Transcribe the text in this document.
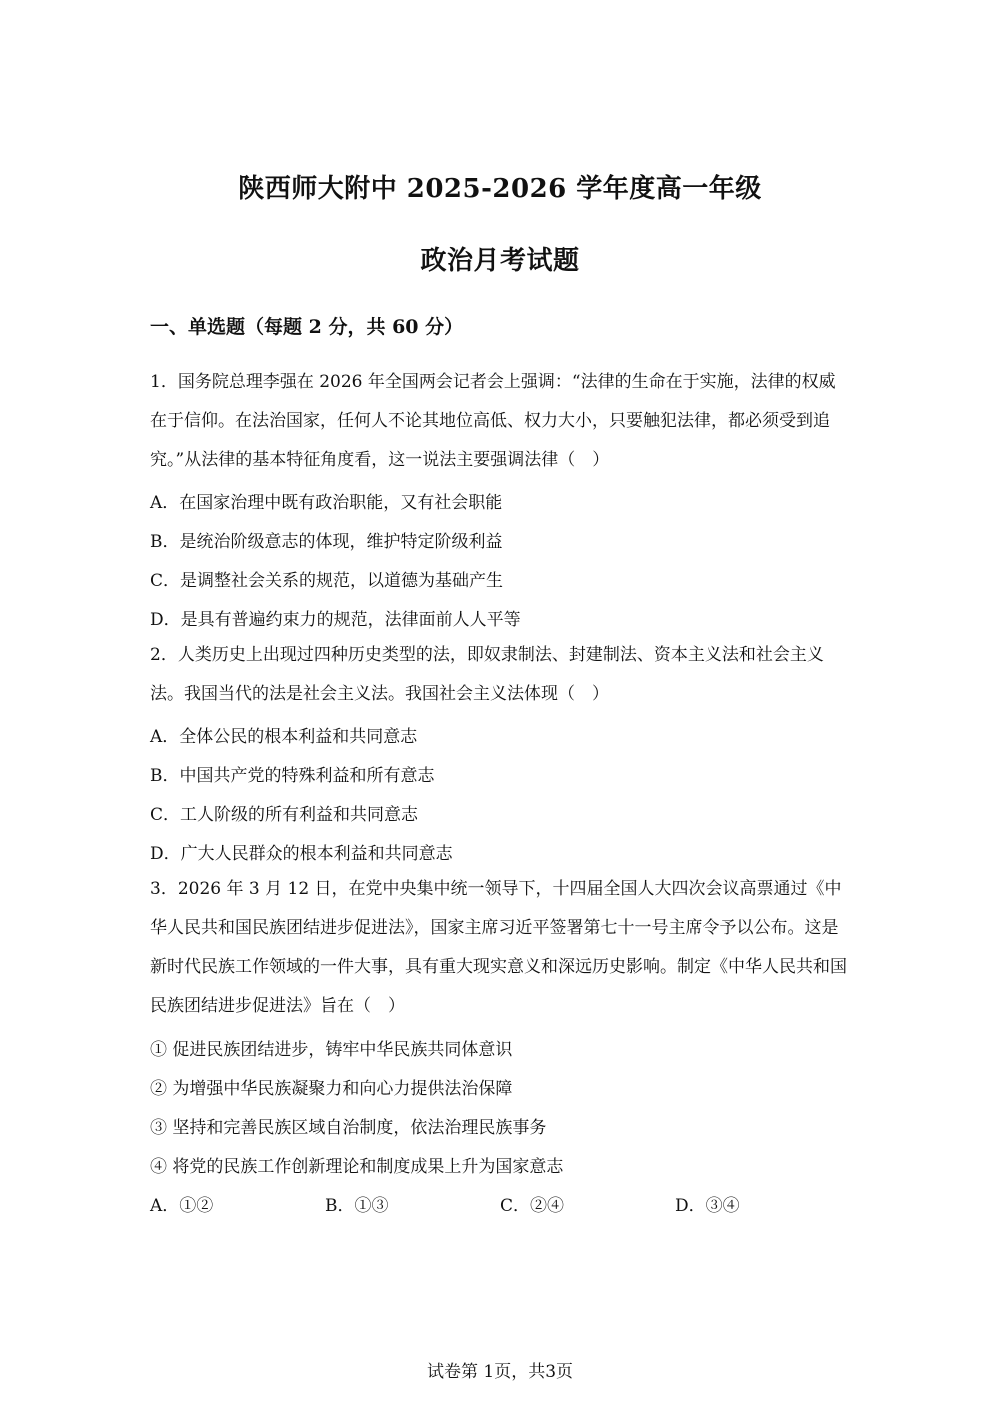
陕西师大附中 2025-2026 学年度高一年级
政治月考试题
一、单选题（每题 2 分，共 60 分）
1．国务院总理李强在 2026 年全国两会记者会上强调：“法律的生命在于实施，法律的权威在于信仰。在法治国家，任何人不论其地位高低、权力大小，只要触犯法律，都必须受到追究。”从法律的基本特征角度看，这一说法主要强调法律（　）
A．在国家治理中既有政治职能，又有社会职能
B．是统治阶级意志的体现，维护特定阶级利益
C．是调整社会关系的规范，以道德为基础产生
D．是具有普遍约束力的规范，法律面前人人平等
2．人类历史上出现过四种历史类型的法，即奴隶制法、封建制法、资本主义法和社会主义法。我国当代的法是社会主义法。我国社会主义法体现（　）
A．全体公民的根本利益和共同意志
B．中国共产党的特殊利益和所有意志
C．工人阶级的所有利益和共同意志
D．广大人民群众的根本利益和共同意志
3．2026 年 3 月 12 日，在党中央集中统一领导下，十四届全国人大四次会议高票通过《中华人民共和国民族团结进步促进法》，国家主席习近平签署第七十一号主席令予以公布。这是新时代民族工作领域的一件大事，具有重大现实意义和深远历史影响。制定《中华人民共和国民族团结进步促进法》旨在（　）
① 促进民族团结进步，铸牢中华民族共同体意识
② 为增强中华民族凝聚力和向心力提供法治保障
③ 坚持和完善民族区域自治制度，依法治理民族事务
④ 将党的民族工作创新理论和制度成果上升为国家意志
A．①②	B．①③	C．②④	D．③④
试卷第 1页，共3页
